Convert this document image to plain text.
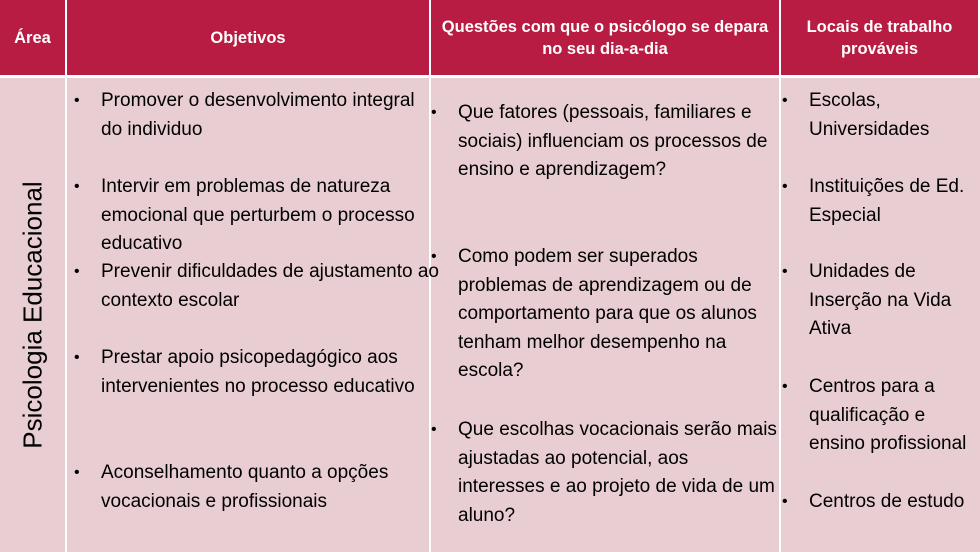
Área	Objetivos
Questões com que o psicólogo se depara no seu dia-a-dia
Locais de trabalho prováveis
Psicologia Educacional
• Promover o desenvolvimento integral do individuo
• Intervir em problemas de natureza emocional que perturbem o processo educativo
• Prevenir dificuldades de ajustamento ao contexto escolar
• Prestar apoio psicopedagógico aos intervenientes no processo educativo
• Aconselhamento quanto a opções vocacionais e profissionais
• Que fatores (pessoais, familiares e sociais) influenciam os processos de ensino e aprendizagem?
• Como podem ser superados problemas de aprendizagem ou de comportamento para que os alunos tenham melhor desempenho na escola?
• Que escolhas vocacionais serão mais ajustadas ao potencial, aos interesses e ao projeto de vida de um aluno?
• Escolas, Universidades
• Instituições de Ed. Especial
• Unidades de Inserção na Vida Ativa
• Centros para a qualificação e ensino profissional
• Centros de estudo
